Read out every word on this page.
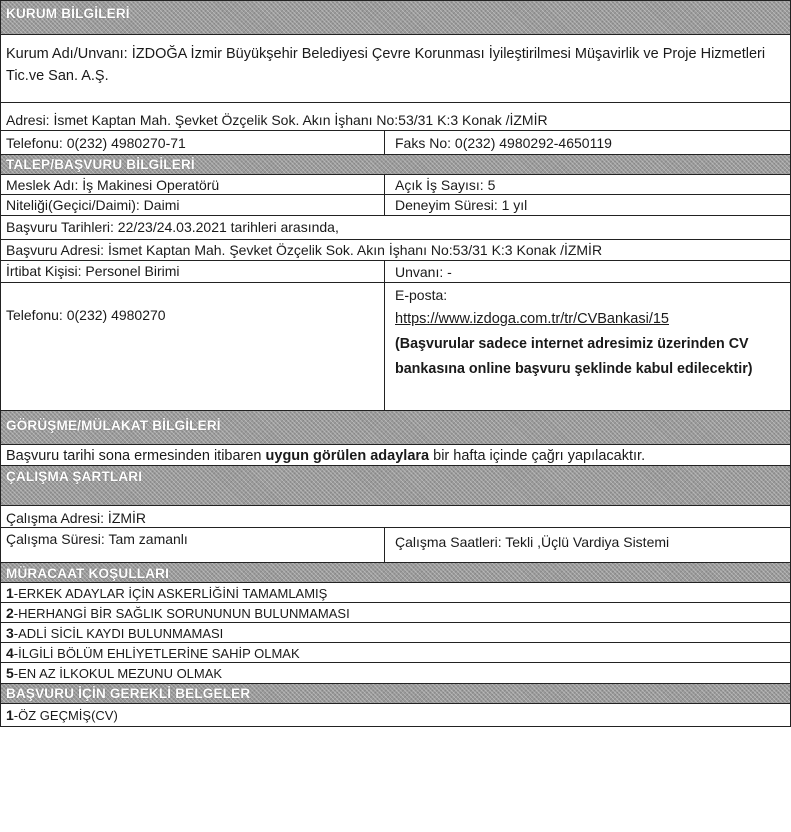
KURUM BİLGİLERİ
Kurum Adı/Unvanı: İZDOĞA İzmir Büyükşehir Belediyesi Çevre Korunması İyileştirilmesi Müşavirlik ve Proje Hizmetleri Tic.ve San. A.Ş.
Adresi: İsmet Kaptan Mah. Şevket Özçelik Sok. Akın İşhanı No:53/31 K:3 Konak /İZMİR
Telefonu: 0(232) 4980270-71	Faks No: 0(232) 4980292-4650119
TALEP/BAŞVURU BİLGİLERİ
Meslek Adı: İş Makinesi Operatörü	Açık İş Sayısı: 5
Niteliği(Geçici/Daimi): Daimi	Deneyim Süresi: 1 yıl
Başvuru Tarihleri: 22/23/24.03.2021 tarihleri arasında,
Başvuru Adresi: İsmet Kaptan Mah. Şevket Özçelik Sok. Akın İşhanı No:53/31 K:3 Konak /İZMİR
İrtibat Kişisi: Personel Birimi	Unvanı: -
Telefonu: 0(232) 4980270
E-posta:
https://www.izdoga.com.tr/tr/CVBankasi/15
(Başvurular sadece internet adresimiz üzerinden CV bankasına online başvuru şeklinde kabul edilecektir)
GÖRÜŞME/MÜLAKAT BİLGİLERİ
Başvuru tarihi sona ermesinden itibaren uygun görülen adaylara bir hafta içinde çağrı yapılacaktır.
ÇALIŞMA ŞARTLARI
Çalışma Adresi: İZMİR
Çalışma Süresi: Tam zamanlı	Çalışma Saatleri: Tekli ,Üçlü Vardiya Sistemi
MÜRACAAT KOŞULLARI
1-ERKEK ADAYLAR İÇİN ASKERLİĞİNİ TAMAMLAMIŞ
2-HERHANGİ BİR SAĞLIK SORUNUNUN BULUNMAMASI
3-ADLİ SİCİL KAYDI BULUNMAMASI
4-İLGİLİ BÖLÜM EHLİYETLERİNE SAHİP OLMAK
5-EN AZ İLKOKUL MEZUNU OLMAK
BAŞVURU İÇİN GEREKLİ BELGELER
1-ÖZ GEÇMİŞ(CV)
